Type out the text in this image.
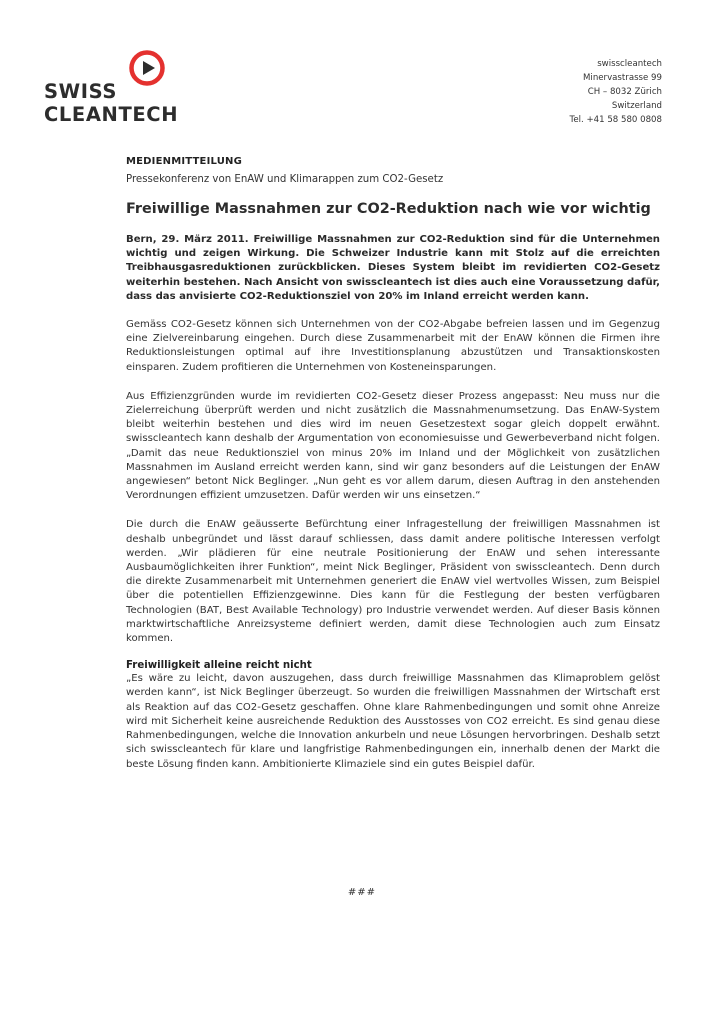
SWISS
CLEANTECH
swisscleantech
Minervastrasse 99
CH – 8032 Zürich
Switzerland
Tel. +41 58 580 0808
MEDIENMITTEILUNG
Pressekonferenz von EnAW und Klimarappen zum CO2-Gesetz
Freiwillige Massnahmen zur CO2-Reduktion nach wie vor wichtig

Bern, 29. März 2011. Freiwillige Massnahmen zur CO2-Reduktion sind für die Unternehmen wichtig und zeigen Wirkung. Die Schweizer Industrie kann mit Stolz auf die erreichten Treibhausgasreduktionen zurückblicken. Dieses System bleibt im revidierten CO2-Gesetz weiterhin bestehen. Nach Ansicht von swisscleantech ist dies auch eine Voraussetzung dafür, dass das anvisierte CO2-Reduktionsziel von 20% im Inland erreicht werden kann.

Gemäss CO2-Gesetz können sich Unternehmen von der CO2-Abgabe befreien lassen und im Gegenzug eine Zielvereinbarung eingehen. Durch diese Zusammenarbeit mit der EnAW können die Firmen ihre Reduktionsleistungen optimal auf ihre Investitionsplanung abzustützen und Transaktionskosten einsparen. Zudem profitieren die Unternehmen von Kosteneinsparungen.

Aus Effizienzgründen wurde im revidierten CO2-Gesetz dieser Prozess angepasst: Neu muss nur die Zielerreichung überprüft werden und nicht zusätzlich die Massnahmenumsetzung. Das EnAW-System bleibt weiterhin bestehen und dies wird im neuen Gesetzestext sogar gleich doppelt erwähnt. swisscleantech kann deshalb der Argumentation von economiesuisse und Gewerbeverband nicht folgen. „Damit das neue Reduktionsziel von minus 20% im Inland und der Möglichkeit von zusätzlichen Massnahmen im Ausland erreicht werden kann, sind wir ganz besonders auf die Leistungen der EnAW angewiesen“ betont Nick Beglinger. „Nun geht es vor allem darum, diesen Auftrag in den anstehenden Verordnungen effizient umzusetzen. Dafür werden wir uns einsetzen.“

Die durch die EnAW geäusserte Befürchtung einer Infragestellung der freiwilligen Massnahmen ist deshalb unbegründet und lässt darauf schliessen, dass damit andere politische Interessen verfolgt werden. „Wir plädieren für eine neutrale Positionierung der EnAW und sehen interessante Ausbaumöglichkeiten ihrer Funktion“, meint Nick Beglinger, Präsident von swisscleantech. Denn durch die direkte Zusammenarbeit mit Unternehmen generiert die EnAW viel wertvolles Wissen, zum Beispiel über die potentiellen Effizienzgewinne. Dies kann für die Festlegung der besten verfügbaren Technologien (BAT, Best Available Technology) pro Industrie verwendet werden. Auf dieser Basis können marktwirtschaftliche Anreizsysteme definiert werden, damit diese Technologien auch zum Einsatz kommen.

Freiwilligkeit alleine reicht nicht

„Es wäre zu leicht, davon auszugehen, dass durch freiwillige Massnahmen das Klimaproblem gelöst werden kann“, ist Nick Beglinger überzeugt. So wurden die freiwilligen Massnahmen der Wirtschaft erst als Reaktion auf das CO2-Gesetz geschaffen. Ohne klare Rahmenbedingungen und somit ohne Anreize wird mit Sicherheit keine ausreichende Reduktion des Ausstosses von CO2 erreicht. Es sind genau diese Rahmenbedingungen, welche die Innovation ankurbeln und neue Lösungen hervorbringen. Deshalb setzt sich swisscleantech für klare und langfristige Rahmenbedingungen ein, innerhalb denen der Markt die beste Lösung finden kann. Ambitionierte Klimaziele sind ein gutes Beispiel dafür.

###
